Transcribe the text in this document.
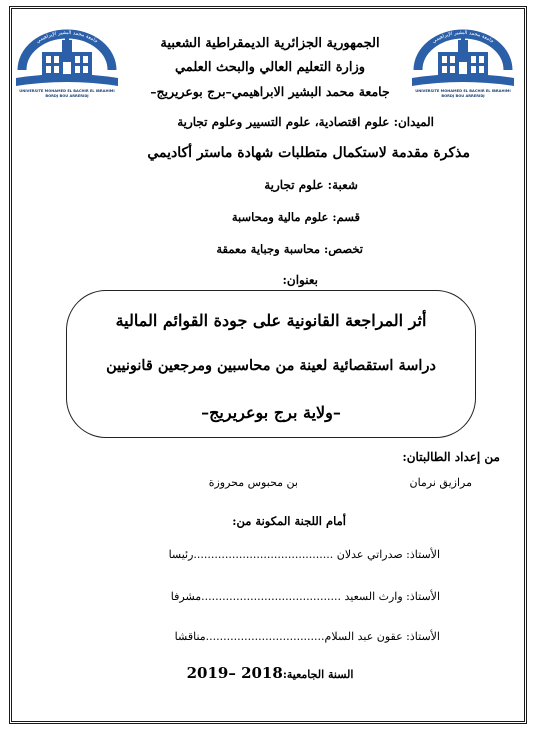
جامعة محمد البشير الإبراهيمي
UNIVERSITE MOHAMED EL BACHIR EL IBRAHIMI
BORDJ BOU ARRERIDJ
جامعة محمد البشير الإبراهيمي
UNIVERSITE MOHAMED EL BACHIR EL IBRAHIMI
BORDJ BOU ARRERIDJ
الجمهورية الجزائرية الديمقراطية الشعبية
وزارة التعليم العالي والبحث العلمي
جامعة محمد البشير الابراهيمي–برج بوعريريج–
الميدان: علوم اقتصادية، علوم التسيير وعلوم تجارية
مذكرة مقدمة لاستكمال متطلبات شهادة ماستر أكاديمي
شعبة: علوم تجارية
قسم: علوم مالية ومحاسبة
تخصص: محاسبة وجباية معمقة
بعنوان:
أثر المراجعة القانونية على جودة القوائم المالية
دراسة استقصائية لعينة من محاسبين ومرجعين قانونيين
–ولاية برج بوعريريج–
من إعداد الطالبتان:
مرازيق نرمان
بن محبوس محروزة
أمام اللجنة المكونة من:
الأستاذ: صدراتي عدلان ........................................رئيسا
الأستاذ: وارث السعيد ........................................مشرفا
الأستاذ: عقون عبد السلام..................................مناقشا
السنة الجامعية:2018 –2019
